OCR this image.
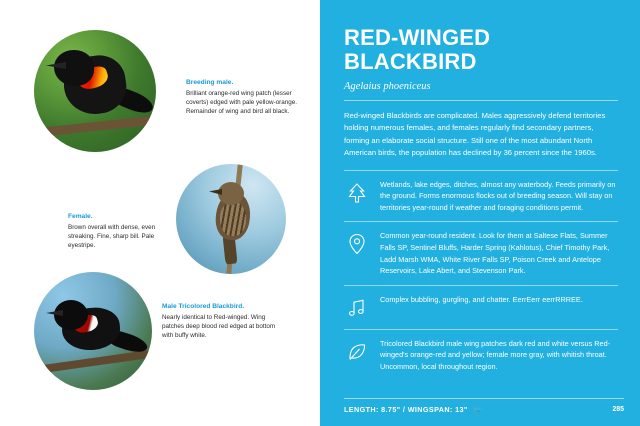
Breeding male.
Brilliant orange-red wing patch (lesser coverts) edged with pale yellow-orange. Remainder of wing and bird all black.
Female.
Brown overall with dense, even streaking. Fine, sharp bill. Pale eyestripe.
Male Tricolored Blackbird.
Nearly identical to Red-winged. Wing patches deep blood red edged at bottom with buffy white.
RED-WINGED BLACKBIRD
Agelaius phoeniceus
Red-winged Blackbirds are complicated. Males aggressively defend territories holding numerous females, and females regularly find secondary partners, forming an elaborate social structure. Still one of the most abundant North American birds, the population has declined by 36 percent since the 1960s.
Wetlands, lake edges, ditches, almost any waterbody. Feeds primarily on the ground. Forms enormous flocks out of breeding season. Will stay on territories year-round if weather and foraging conditions permit.
Common year-round resident. Look for them at Saltese Flats, Summer Falls SP, Sentinel Bluffs, Harder Spring (Kahlotus), Chief Timothy Park, Ladd Marsh WMA, White River Falls SP, Poison Creek and Antelope Reservoirs, Lake Abert, and Stevenson Park.
Complex bubbling, gurgling, and chatter. EerrEerr eerrRRREE.
Tricolored Blackbird male wing patches dark red and white versus Red-winged's orange-red and yellow; female more gray, with whitish throat. Uncommon, local throughout region.
LENGTH: 8.75" / WINGSPAN: 13" 🐦	285
